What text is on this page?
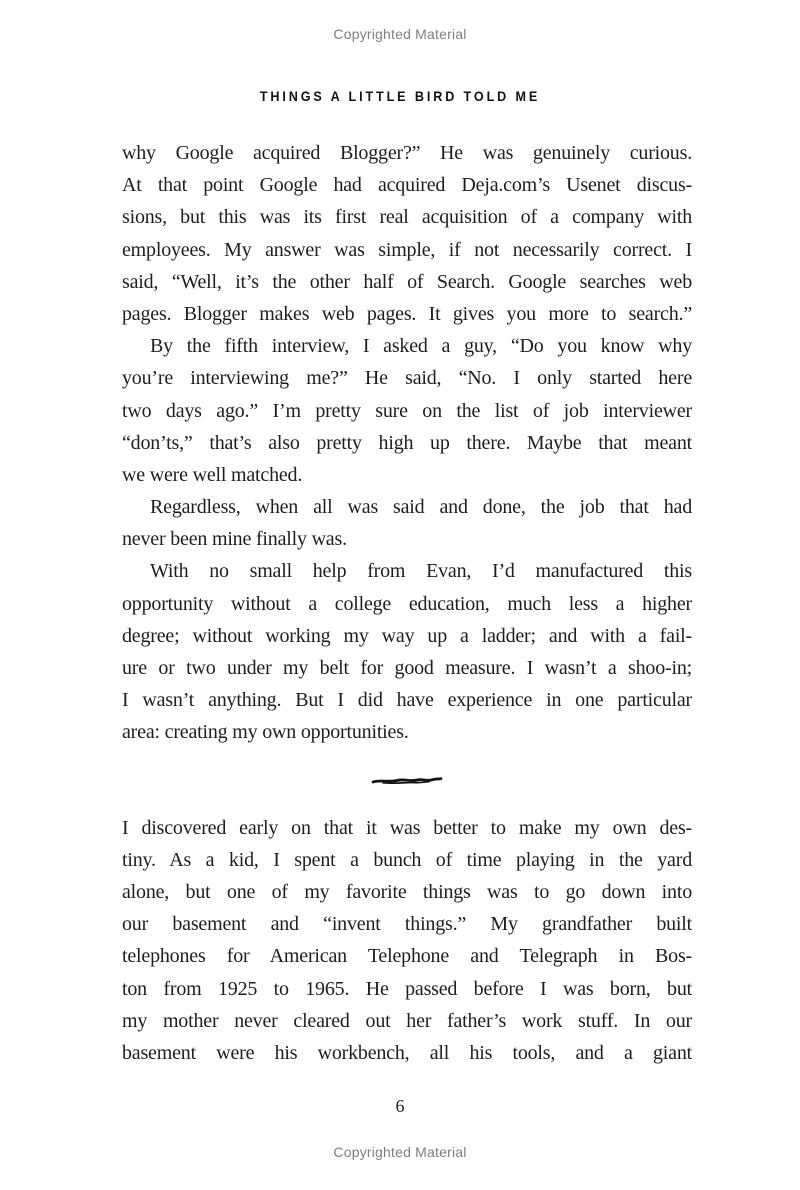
Copyrighted Material
THINGS A LITTLE BIRD TOLD ME
why Google acquired Blogger?” He was genuinely curious.
At that point Google had acquired Deja.com’s Usenet discus-
sions, but this was its first real acquisition of a company with
employees. My answer was simple, if not necessarily correct. I
said, “Well, it’s the other half of Search. Google searches web
pages. Blogger makes web pages. It gives you more to search.”
By the fifth interview, I asked a guy, “Do you know why
you’re interviewing me?” He said, “No. I only started here
two days ago.” I’m pretty sure on the list of job interviewer
“don’ts,” that’s also pretty high up there. Maybe that meant
we were well matched.
Regardless, when all was said and done, the job that had
never been mine finally was.
With no small help from Evan, I’d manufactured this
opportunity without a college education, much less a higher
degree; without working my way up a ladder; and with a fail-
ure or two under my belt for good measure. I wasn’t a shoo-in;
I wasn’t anything. But I did have experience in one particular
area: creating my own opportunities.
I discovered early on that it was better to make my own des-
tiny. As a kid, I spent a bunch of time playing in the yard
alone, but one of my favorite things was to go down into
our basement and “invent things.” My grandfather built
telephones for American Telephone and Telegraph in Bos-
ton from 1925 to 1965. He passed before I was born, but
my mother never cleared out her father’s work stuff. In our
basement were his workbench, all his tools, and a giant
6
Copyrighted Material
